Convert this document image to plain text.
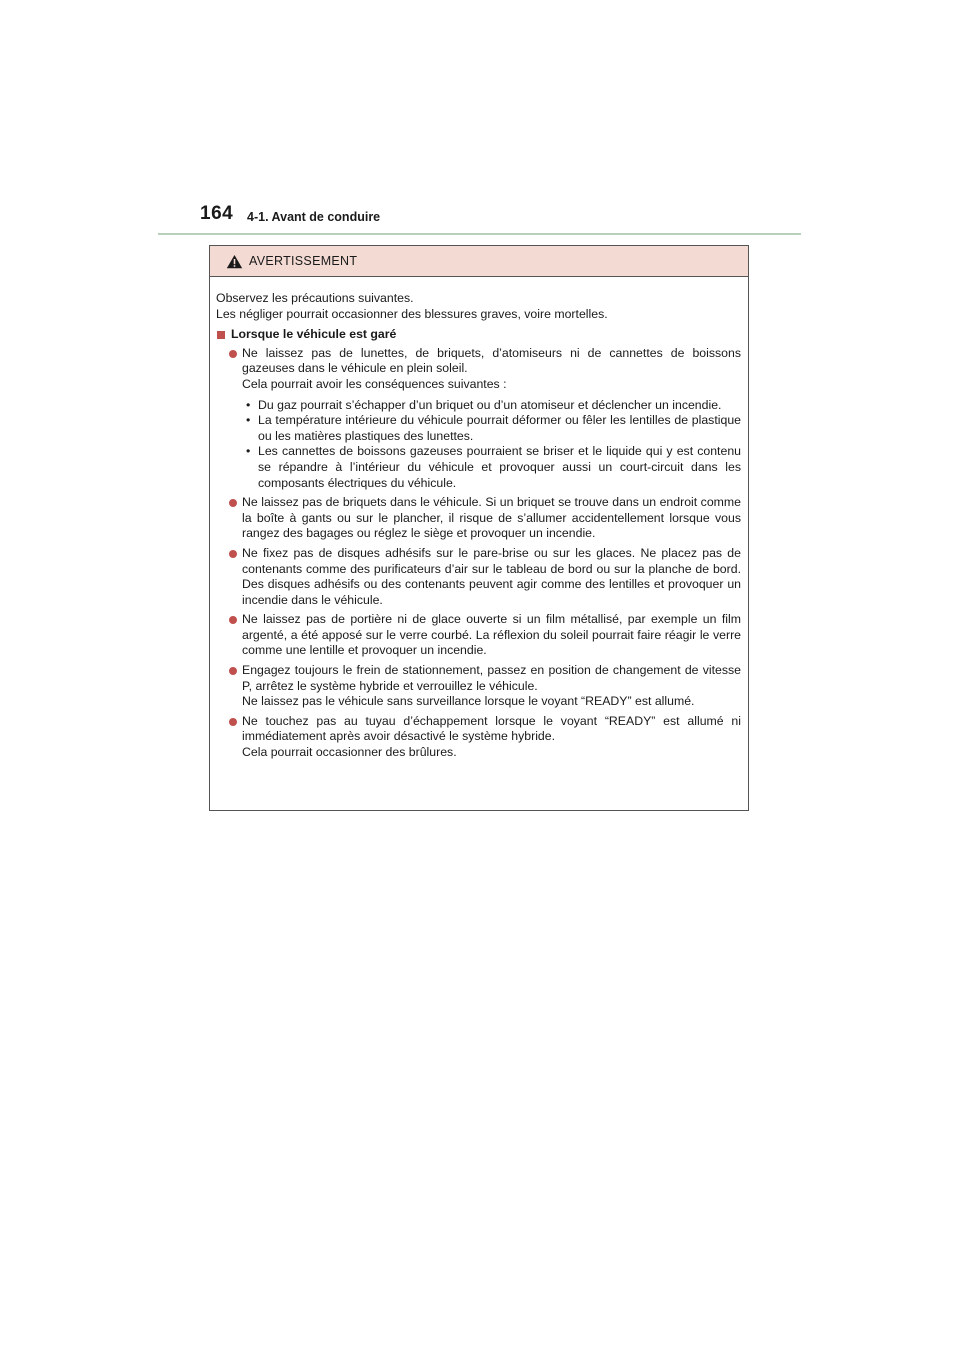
164 4-1. Avant de conduire
AVERTISSEMENT

Observez les précautions suivantes.

Les négliger pourrait occasionner des blessures graves, voire mortelles.

Lorsque le véhicule est garé

Ne laissez pas de lunettes, de briquets, d’atomiseurs ni de cannettes de boissons gazeuses dans le véhicule en plein soleil.

Cela pourrait avoir les conséquences suivantes :

• Du gaz pourrait s’échapper d’un briquet ou d’un atomiseur et déclencher un incendie.
• La température intérieure du véhicule pourrait déformer ou fêler les lentilles de plastique ou les matières plastiques des lunettes.
• Les cannettes de boissons gazeuses pourraient se briser et le liquide qui y est contenu se répandre à l’intérieur du véhicule et provoquer aussi un court-circuit dans les composants électriques du véhicule.

Ne laissez pas de briquets dans le véhicule. Si un briquet se trouve dans un endroit comme la boîte à gants ou sur le plancher, il risque de s’allumer accidentellement lorsque vous rangez des bagages ou réglez le siège et provoquer un incendie.

Ne fixez pas de disques adhésifs sur le pare-brise ou sur les glaces. Ne placez pas de contenants comme des purificateurs d’air sur le tableau de bord ou sur la planche de bord. Des disques adhésifs ou des contenants peuvent agir comme des lentilles et provoquer un incendie dans le véhicule.

Ne laissez pas de portière ni de glace ouverte si un film métallisé, par exemple un film argenté, a été apposé sur le verre courbé. La réflexion du soleil pourrait faire réagir le verre comme une lentille et provoquer un incendie.

Engagez toujours le frein de stationnement, passez en position de changement de vitesse P, arrêtez le système hybride et verrouillez le véhicule.

Ne laissez pas le véhicule sans surveillance lorsque le voyant “READY” est allumé.

Ne touchez pas au tuyau d’échappement lorsque le voyant “READY” est allumé ni immédiatement après avoir désactivé le système hybride.

Cela pourrait occasionner des brûlures.
